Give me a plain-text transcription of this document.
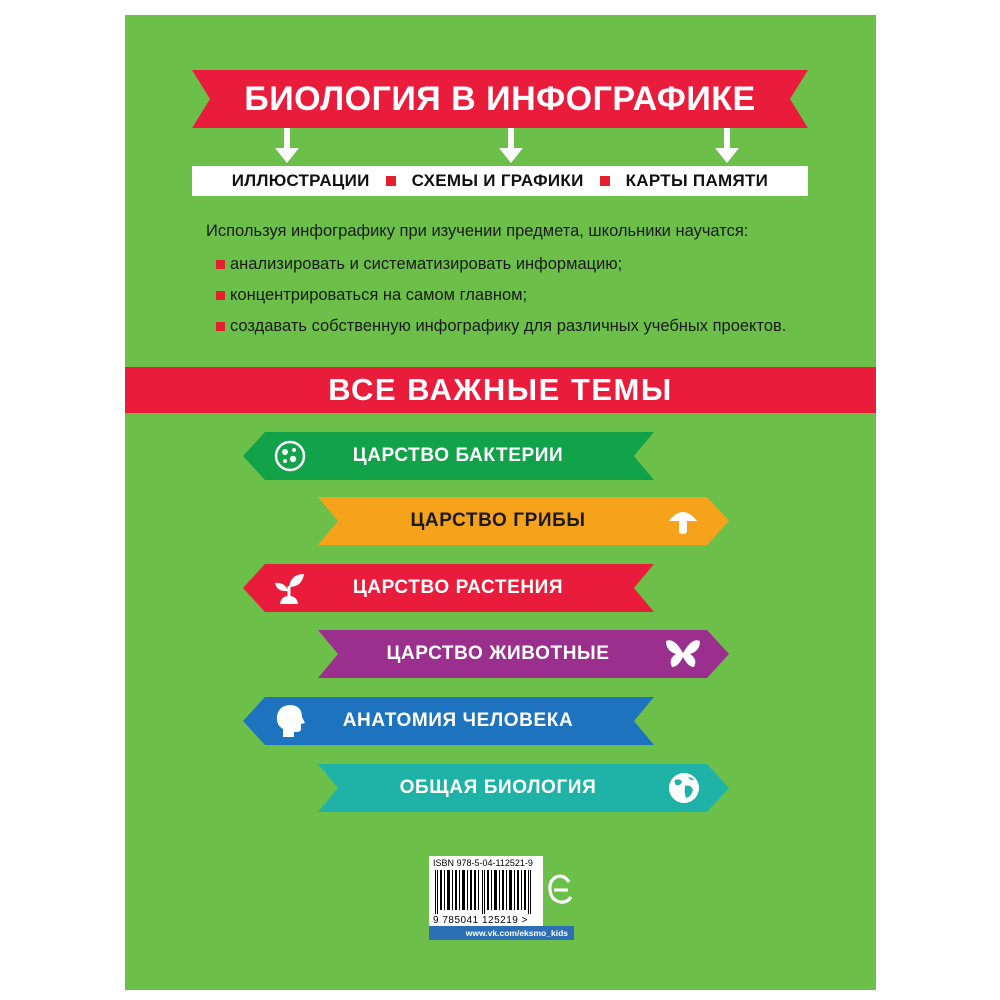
БИОЛОГИЯ В ИНФОГРАФИКЕ
ИЛЛЮСТРАЦИИ	СХЕМЫ И ГРАФИКИ	КАРТЫ ПАМЯТИ
Используя инфографику при изучении предмета, школьники научатся:
анализировать и систематизировать информацию;
концентрироваться на самом главном;
создавать собственную инфографику для различных учебных проектов.
ВСЕ ВАЖНЫЕ ТЕМЫ
ЦАРСТВО БАКТЕРИИ
ЦАРСТВО ГРИБЫ
ЦАРСТВО РАСТЕНИЯ
ЦАРСТВО ЖИВОТНЫЕ
АНАТОМИЯ ЧЕЛОВЕКА
ОБЩАЯ БИОЛОГИЯ
ISBN 978-5-04-112521-9
9 785041 125219 >
www.vk.com/eksmo_kids
